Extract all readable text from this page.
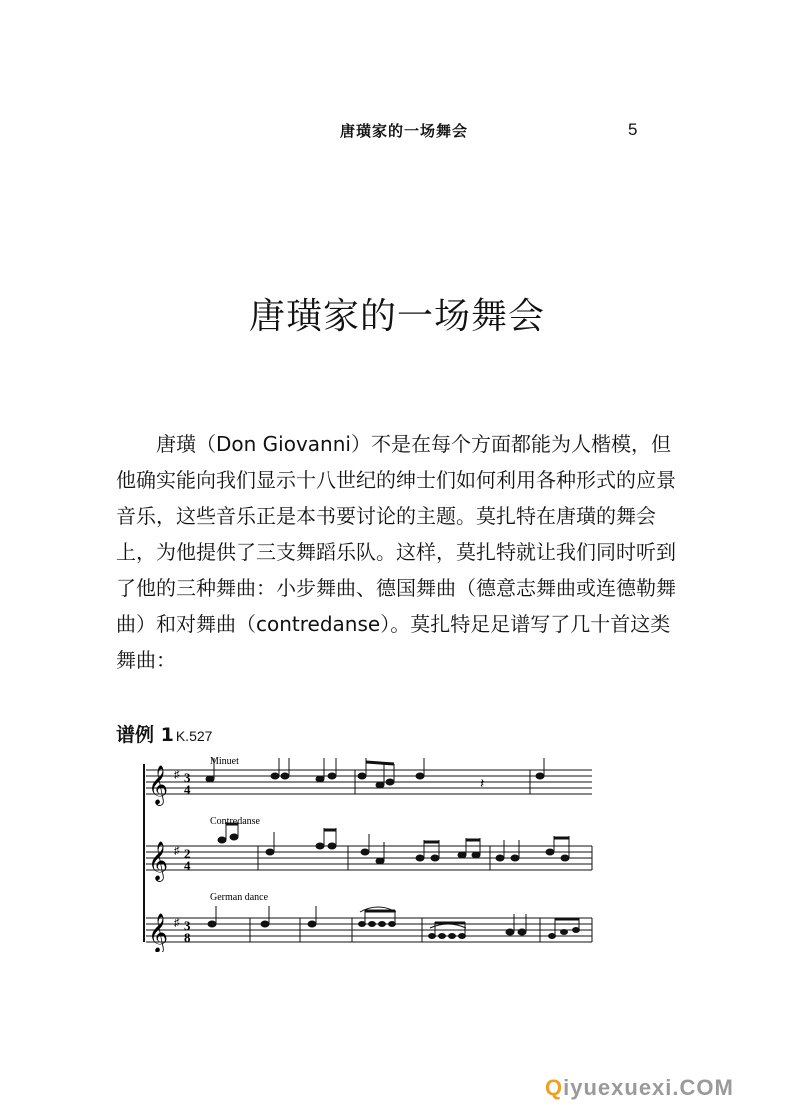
唐璜家的一场舞会	5
唐璜家的一场舞会

唐璜（Don Giovanni）不是在每个方面都能为人楷模，但他确实能向我们显示十八世纪的绅士们如何利用各种形式的应景音乐，这些音乐正是本书要讨论的主题。莫扎特在唐璜的舞会上，为他提供了三支舞蹈乐队。这样，莫扎特就让我们同时听到了他的三种舞曲：小步舞曲、德国舞曲（德意志舞曲或连德勒舞曲）和对舞曲（contredanse）。莫扎特足足谱写了几十首这类舞曲：

谱例 1 K.527
Minuet
𝄞 ♯ 3
4	𝄽
Contredanse
𝄞 ♯ 2
4
German dance
𝄞 ♯ 3
8
Qiyuexuexi.COM
